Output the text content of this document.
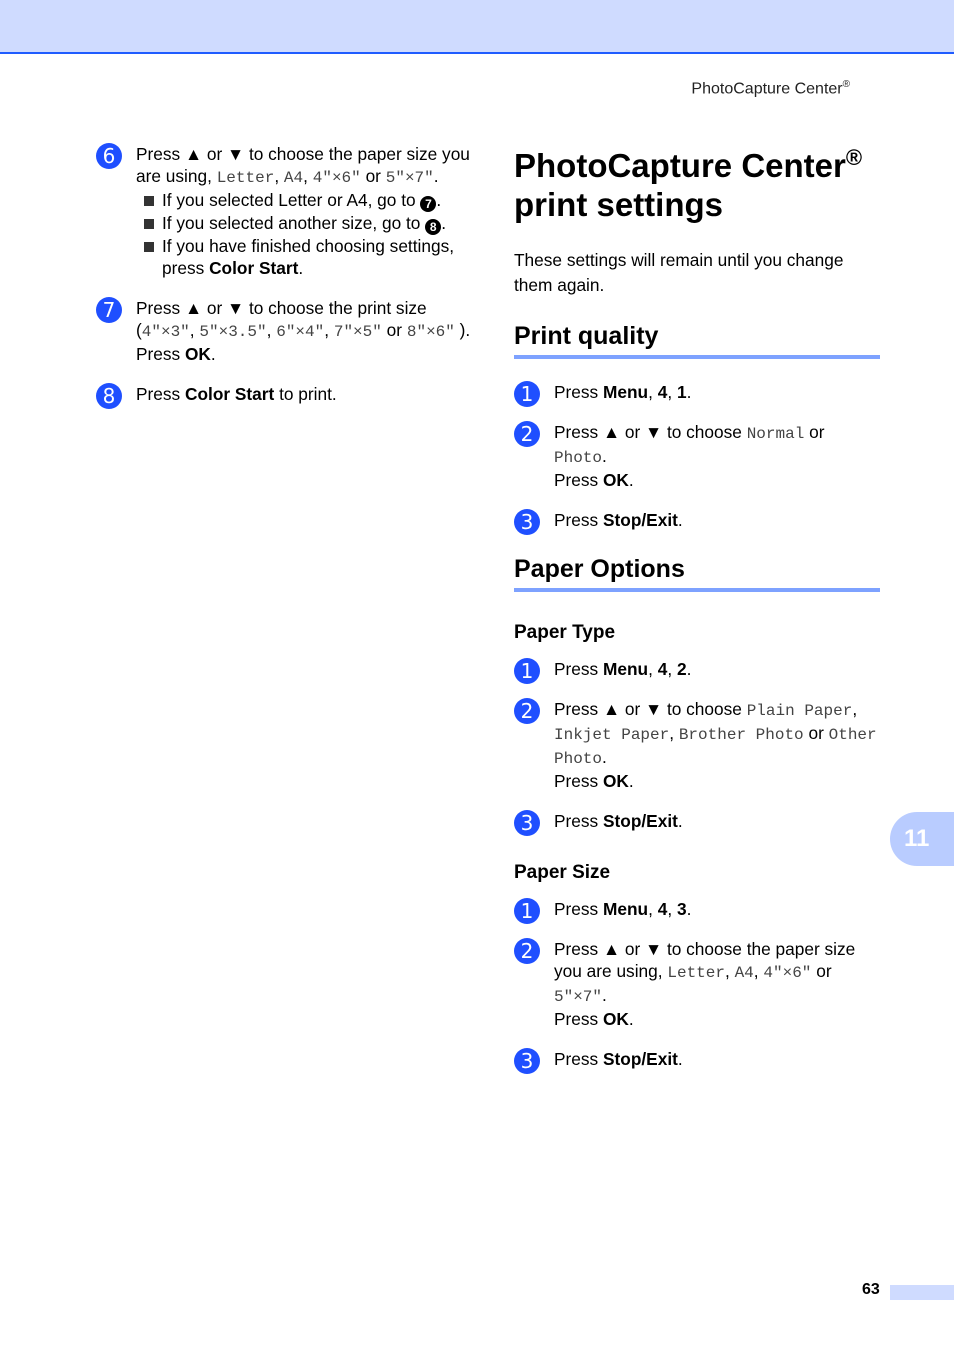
PhotoCapture Center®
6	Press ▲ or ▼ to choose the paper size you are using, Letter, A4, 4"×6" or 5"×7".

If you selected Letter or A4, go to 7 .
If you selected another size, go to 8 .
If you have finished choosing settings, press Color Start.
7	Press ▲ or ▼ to choose the print size
(4"×3", 5"×3.5", 6"×4", 7"×5" or 8"×6" ).
Press OK.

8	Press Color Start to print.

PhotoCapture Center®
print settings

These settings will remain until you change them again.

Print quality
1	Press Menu, 4, 1.

2	Press ▲ or ▼ to choose Normal or Photo.
Press OK.

3	Press Stop/Exit.

Paper Options
Paper Type
1	Press Menu, 4, 2.

2	Press ▲ or ▼ to choose Plain Paper, Inkjet Paper, Brother Photo or Other Photo.
Press OK.

3	Press Stop/Exit.

Paper Size
1	Press Menu, 4, 3.

2	Press ▲ or ▼ to choose the paper size you are using, Letter, A4, 4"×6" or 5"×7".
Press OK.

3	Press Stop/Exit.

11
63
